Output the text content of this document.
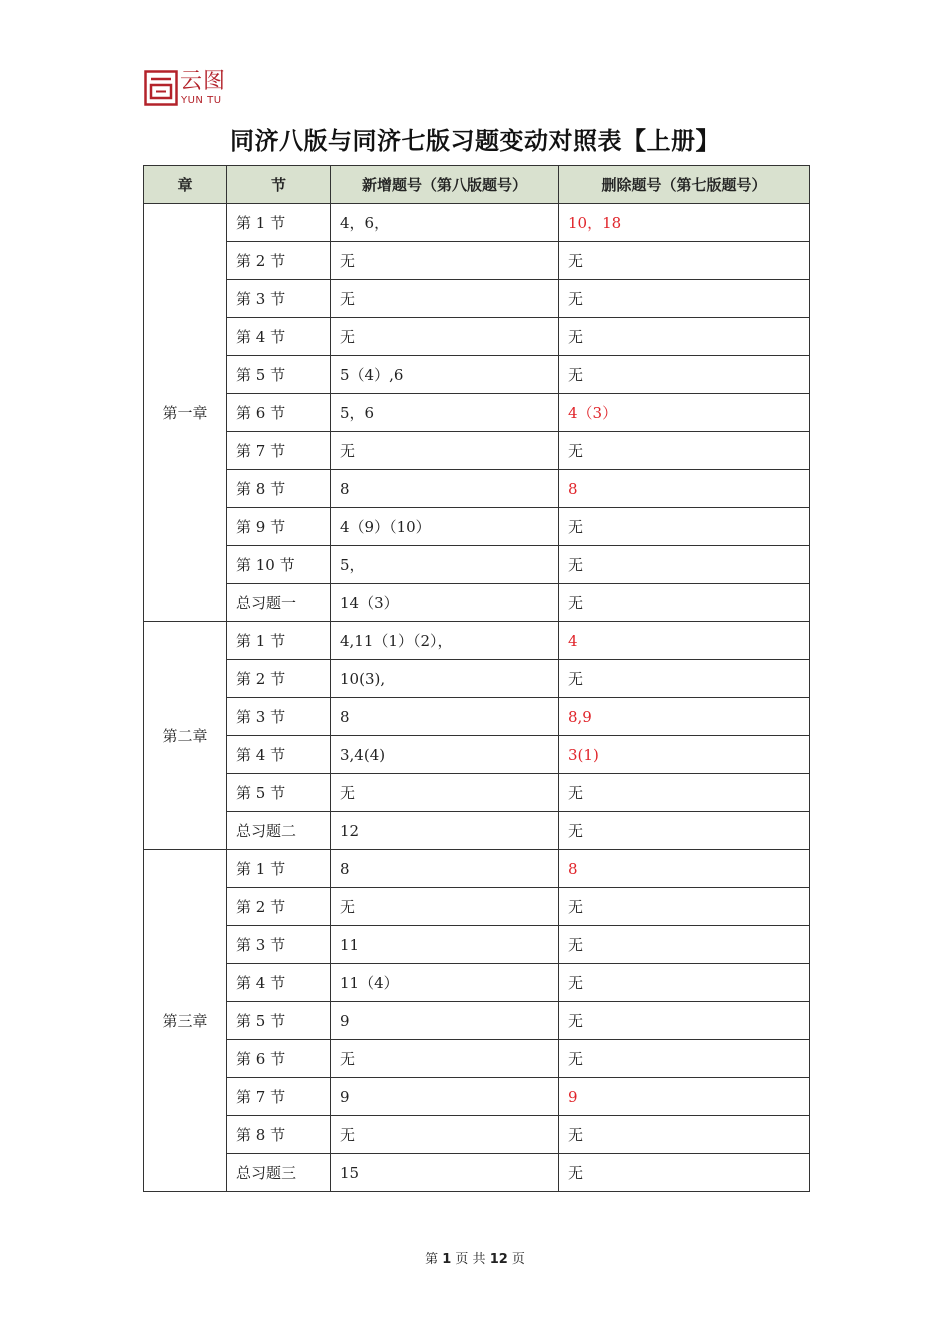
云图
YUN TU
同济八版与同济七版习题变动对照表【上册】
章	节	新增题号（第八版题号）	删除题号（第七版题号）
第一章	第 1 节	4，6，	10，18
	第 2 节	无	无
	第 3 节	无	无
	第 4 节	无	无
	第 5 节	5（4）,6	无
	第 6 节	5，6	4（3）
	第 7 节	无	无
	第 8 节	8	8
	第 9 节	4（9）（10）	无
	第 10 节	5，	无
	总习题一	14（3）	无
第二章	第 1 节	4,11（1）（2），	4
	第 2 节	10(3),	无
	第 3 节	8	8,9
	第 4 节	3,4(4)	3(1)
	第 5 节	无	无
	总习题二	12	无
第三章	第 1 节	8	8
	第 2 节	无	无
	第 3 节	11	无
	第 4 节	11（4）	无
	第 5 节	9	无
	第 6 节	无	无
	第 7 节	9	9
	第 8 节	无	无
	总习题三	15	无
第 1 页 共 12 页
